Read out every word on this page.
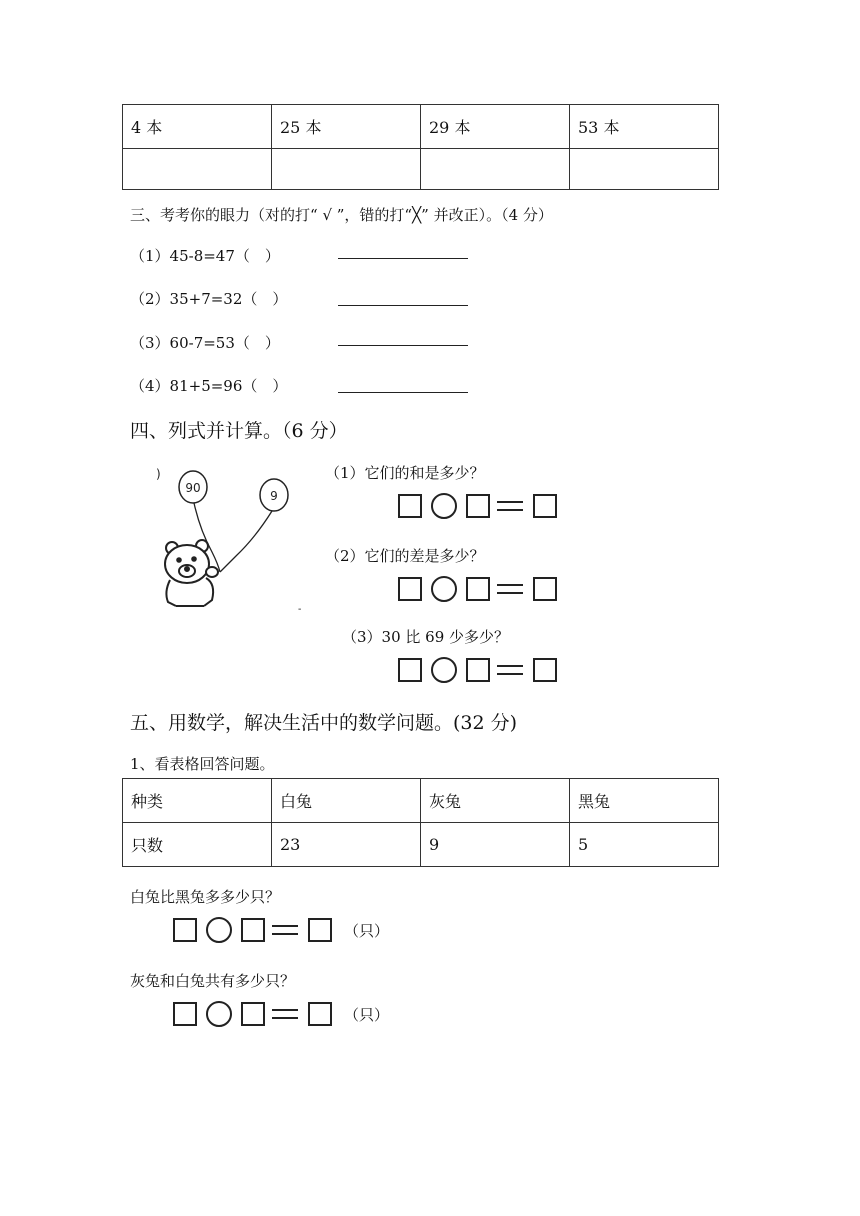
4 本	25 本	29 本	53 本

三、考考你的眼力（对的打“ √ ”，错的打“╳” 并改正）。（4 分）
（1）45-8=47（　）
（2）35+7=32（　）
（3）60-7=53（　）
（4）81+5=96（　）
四、列式并计算。（6 分）
)
90
9
-
（1）它们的和是多少？
（2）它们的差是多少？
（3）30 比 69 少多少？
五、用数学，解决生活中的数学问题。(32 分)
1、看表格回答问题。
种类	白兔	灰兔	黑兔
只数	23	9	5
白兔比黑兔多多少只？
（只）
灰兔和白兔共有多少只？
（只）
